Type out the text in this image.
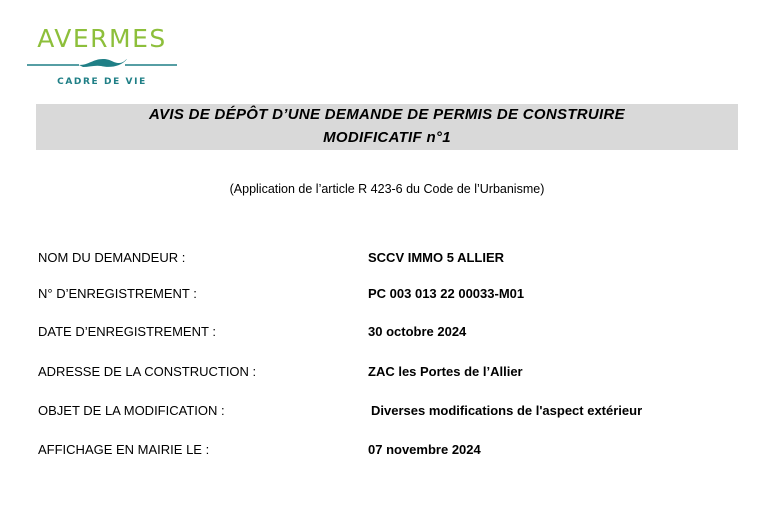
AVERMES
CADRE DE VIE
AVIS DE DÉPÔT D’UNE DEMANDE DE PERMIS DE CONSTRUIRE
MODIFICATIF n°1
(Application de l’article R 423-6 du Code de l’Urbanisme)
NOM DU DEMANDEUR :	SCCV IMMO 5 ALLIER
N° D’ENREGISTREMENT :	PC 003 013 22 00033-M01
DATE D’ENREGISTREMENT :	30 octobre 2024
ADRESSE DE LA CONSTRUCTION :	ZAC les Portes de l’Allier
OBJET DE LA MODIFICATION :	Diverses modifications de l'aspect extérieur
AFFICHAGE EN MAIRIE LE :	07 novembre 2024
